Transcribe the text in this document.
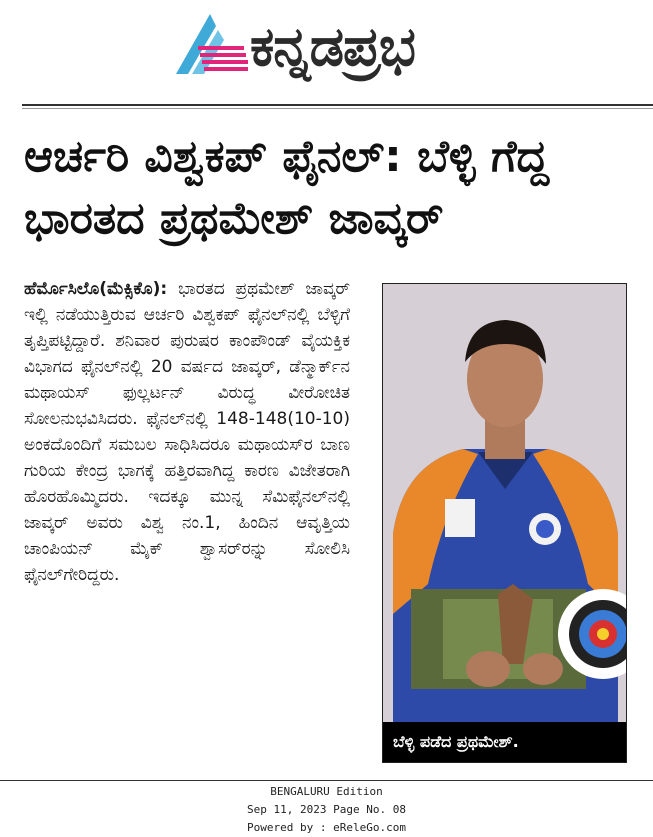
ಕನ್ನಡಪ್ರಭ
ಆರ್ಚರಿ ವಿಶ್ವಕಪ್ ಫೈನಲ್: ಬೆಳ್ಳಿ ಗೆದ್ದ ಭಾರತದ ಪ್ರಥಮೇಶ್ ಜಾವ್ಕರ್

ಹೆರ್ಮೊಸಿಲೊ(ಮೆಕ್ಸಿಕೊ): ಭಾರತದ ಪ್ರಥಮೇಶ್ ಜಾವ್ಕರ್ ಇಲ್ಲಿ ನಡೆಯುತ್ತಿರುವ ಆರ್ಚರಿ ವಿಶ್ವಕಪ್ ಫೈನಲ್‌ನಲ್ಲಿ ಬೆಳ್ಳಿಗೆ ತೃಪ್ತಿಪಟ್ಟಿದ್ದಾರೆ. ಶನಿವಾರ ಪುರುಷರ ಕಾಂಪೌಂಡ್ ವೈಯಕ್ತಿಕ ವಿಭಾಗದ ಫೈನಲ್‌ನಲ್ಲಿ 20 ವರ್ಷದ ಜಾವ್ಕರ್, ಡೆನ್ಮಾರ್ಕ್‌ನ ಮಥಾಯಸ್ ಫುಲ್ಲರ್ಟನ್ ವಿರುದ್ಧ ವೀರೋಚಿತ ಸೋಲನುಭವಿಸಿದರು. ಫೈನಲ್‌ನಲ್ಲಿ 148-148(10-10) ಅಂಕದೊಂದಿಗೆ ಸಮಬಲ ಸಾಧಿಸಿದರೂ ಮಥಾಯಸ್‌ರ ಬಾಣ ಗುರಿಯ ಕೇಂದ್ರ ಭಾಗಕ್ಕೆ ಹತ್ತಿರವಾಗಿದ್ದ ಕಾರಣ ವಿಜೇತರಾಗಿ ಹೊರಹೊಮ್ಮಿದರು. ಇದಕ್ಕೂ ಮುನ್ನ ಸೆಮಿಫೈನಲ್‌ನಲ್ಲಿ ಜಾವ್ಕರ್ ಅವರು ವಿಶ್ವ ನಂ.1, ಹಿಂದಿನ ಆವೃತ್ತಿಯ ಚಾಂಪಿಯನ್ ಮೈಕ್ ಶ್ವಾಸರ್‌ರನ್ನು ಸೋಲಿಸಿ ಫೈನಲ್‌ಗೇರಿದ್ದರು.

ಬೆಳ್ಳಿ ಪಡೆದ ಪ್ರಥಮೇಶ್.
BENGALURU Edition
Sep 11, 2023 Page No. 08
Powered by : eReleGo.com
